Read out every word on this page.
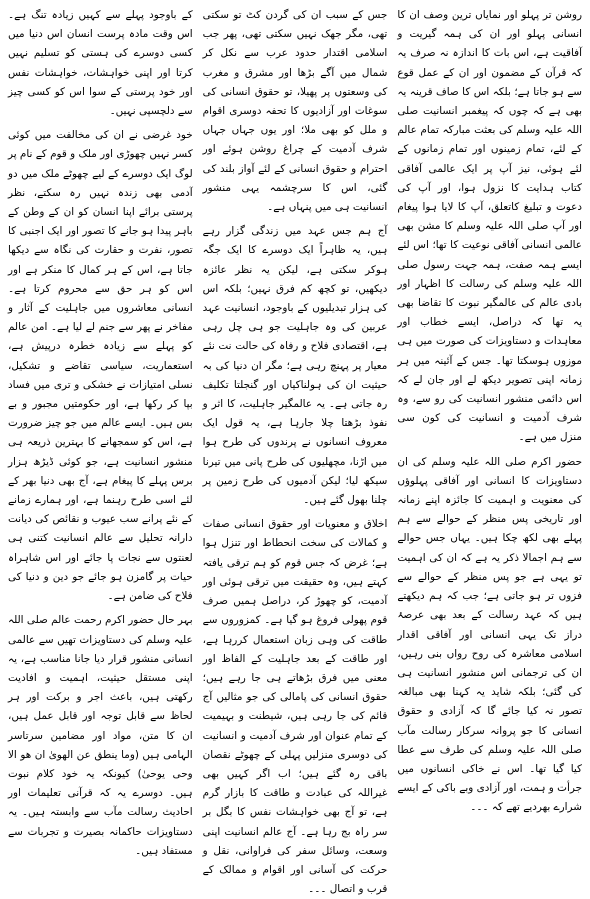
روشن تر پہلو اور نمایاں ترین وصف ان کا انسانی پہلو اور ان کی ہمہ گیریت و آفاقیت ہے، اس بات کا اندازہ نہ صرف یہ کہ قرآن کے مضمون اور ان کے عمل قوع سے ہو جاتا ہے؛ بلکہ اس کا صاف قرینہ یہ بھی ہے کہ چوں کہ پیغمبر انسانیت صلی اللہ علیہ وسلم کی بعثت مبارکہ تمام عالم کے لئے، تمام زمینوں اور تمام زمانوں کے لئے ہوئی، نیز آپ پر ایک عالمی آفاقی کتاب ہدایت کا نزول ہوا، اور آپ کی دعوت و تبلیغ کاتعلق، آپ کا لایا ہوا پیغام اور آپ صلی اللہ علیہ وسلم کا مشن بھی عالمی انسانی آفاقی نوعیت کا تھا؛ اس لئے ایسے ہمہ صفت، ہمہ جہت رسول صلی اللہ علیہ وسلم کی رسالت کا اظہار اور بادی عالم کی عالمگیر نبوت کا تقاضا بھی یہ تھا کہ دراصل، ایسے خطاب اور معاہدات و دستاویزات کی صورت میں ہی موزوں ہوسکتا تھا۔ جس کے آئینہ میں ہر زمانہ اپنی تصویر دیکھ لے اور جان لے کہ اس دائمی منشور انسانیت کی رو سے، وہ شرف آدمیت و انسانیت کی کون سی منزل میں ہے۔

حضور اکرم صلی اللہ علیہ وسلم کی ان دستاویزات کا انسانی اور آفاقی پہلوؤں کی معنویت و اہمیت کا جائزہ اپنے زمانہ اور تاریخی پس منظر کے حوالے سے ہم پہلے بھی لکھ چکا ہیں۔ یہاں جس حوالے سے ہم اجمالا ذکر یہ ہے کہ ان کی اہمیت تو یہی ہے جو پس منظر کے حوالے سے فزوں تر ہو جاتی ہے؛ جب کہ ہم دیکھتے ہیں کہ عہد رسالت کے بعد بھی عرصۂ دراز تک یہی انسانی اور آفاقی اقدار اسلامی معاشرہ کی روح رواں بنی رہیں، ان کی ترجمانی اس منشور انسانیت ہی کی گئی؛ بلکہ شاید یہ کہنا بھی مبالغہ تصور نہ کیا جائے گا کہ آزادی و حقوق انسانی کا جو پروانہ سرکار رسالت مآب صلی اللہ علیہ وسلم کی طرف سے عطا کیا گیا تھا۔ اس نے خاکی انسانوں میں جرأت و ہمت، اور آزادی وبے باکی کے ایسے شرارے بھردیے تھے کہ ۔۔۔

جس کے سبب ان کی گردن کٹ تو سکتی تھی، مگر جھک نہیں سکتی تھی، پھر جب اسلامی اقتدار حدود عرب سے نکل کر شمال میں آگے بڑھا اور مشرق و مغرب کی وسعتوں پر پھیلا، تو حقوق انسانی کی سوغات اور آزادیوں کا تحفہ دوسری اقوام و ملل کو بھی ملا؛ اور یوں جہاں جہاں شرف آدمیت کے چراغ روشن ہوئے اور احترام و حقوق انسانی کے لئے آواز بلند کی گئی، اس کا سرچشمہ یہی منشور انسانیت ہی میں پنہاں ہے۔

آج ہم جس عہد میں زندگی گزار رہے ہیں، یہ ظاہراً ایک دوسرے کا ایک جگہ ہوکر سکتی ہے، لیکن یہ نظر عائزہ دیکھیں، تو کچھ کم فرق نہیں؛ بلکہ اس کی ہزار تبدیلیوں کے باوجود، انسانیت عہد عربین کی وہ جاہلیت جو ہی چل رہی ہے، اقتصادی فلاح و رفاہ کی حالت نت نئے معیار پر پہنچ رہی ہے؛ مگر ان دنیا کی بہ حیثیت ان کی ہولناکیاں اور گنجلتا تکلیف رہ جاتی ہے۔ یہ عالمگیر جاہلیت، کا اثر و نفوذ بڑھتا چلا جارہا ہے، یہ قول ایک معروف انسانوں نے پرندوں کی طرح ہوا میں اڑنا، مچھلیوں کی طرح پانی میں تیرنا سیکھ لیا؛ لیکن آدمیوں کی طرح زمین پر چلنا بھول گئے ہیں۔

اخلاق و معنویات اور حقوق انسانی صفات و کمالات کی سخت انحطاط اور تنزل ہوا ہے؛ غرض کہ جس قوم کو ہم ترقی یافتہ کہتے ہیں، وہ حقیقت میں ترقی ہوئی اور آدمیت، کو چھوڑ کر، دراصل ہمیں صرف قوم پھولی فروغ ہو گیا ہے۔ کمزوروں سے طاقت کی وہی زبان استعمال کررہا ہے، اور طاقت کے بعد جاہلیت کے الفاظ اور معنی میں فرق بڑھاتے ہی جا رہے ہیں؛ حقوق انسانی کی پامالی کی جو مثالیں آج قائم کی جا رہی ہیں، شیطنت و بہیمیت کے تمام عنوان اور شرف آدمیت و انسانیت کی دوسری منزلیں پہلی کے چھوٹے نقصان باقی رہ گئے ہیں؛ اب اگر کہیں بھی غیراللہ کی عبادت و طاقت کا بازار گرم ہے، تو آج بھی خواہشات نفس کا بگل بر سر راہ بج رہا ہے۔ آج عالم انسانیت اپنی وسعت، وسائل سفر کی فراوانی، نقل و حرکت کی آسانی اور اقوام و ممالک کے قرب و اتصال ۔۔۔

کے باوجود پہلے سے کہیں زیادہ تنگ ہے۔ اس وقت مادہ پرست انسان اس دنیا میں کسی دوسرے کی ہستی کو تسلیم نہیں کرتا اور اپنی خواہشات، خواہشات نفس اور خود پرستی کے سوا اس کو کسی چیز سے دلچسپی نہیں۔

خود غرضی نے ان کی مخالفت میں کوئی کسر نہیں چھوڑی اور ملک و قوم کے نام پر لوگ ایک دوسرے کے لیے چھوٹے ملک میں دو آدمی بھی زندہ نہیں رہ سکتے، نظر پرستی برائے اپنا انسان کو ان کے وطن کے باہر پیدا ہو جانے کا تصور اور ایک اجنبی کا تصور، نفرت و حقارت کی نگاہ سے دیکھا جاتا ہے، اس کے ہر کمال کا منکر ہے اور اس کو ہر حق سے محروم کرتا ہے۔ انسانی معاشروں میں جاہلیت کے آثار و مفاخر نے پھر سے جنم لے لیا ہے۔ امن عالم کو پہلے سے زیادہ خطرہ درپیش ہے، استعماریت، سیاسی تقاضے و تشکیل، نسلی امتیازات نے خشکی و تری میں فساد بپا کر رکھا ہے، اور حکومتیں مجبور و بے بس ہیں۔ ایسے عالم میں جو چیز ضرورت ہے، اس کو سمجھانے کا بہترین ذریعہ ہی منشور انسانیت ہے، جو کوئی ڈیڑھ ہزار برس پہلے کا پیغام ہے، آج بھی دنیا بھر کے لئے اسی طرح رہنما ہے، اور ہمارے زمانے کے نئے پرانے سب عیوب و نقائص کی دیانت دارانہ تحلیل سے عالم انسانیت کتنی ہی لعنتوں سے نجات پا جائے اور اس شاہراہ حیات پر گامزن ہو جائے جو دین و دنیا کی فلاح کی ضامن ہے۔

بہر حال حضور اکرم رحمت عالم صلی اللہ علیہ وسلم کی دستاویزات تھیں سے عالمی انسانی منشور قرار دیا جانا مناسب ہے، یہ اپنی مستقل حیثیت، اہمیت و افادیت رکھتی ہیں، باعث اجر و برکت اور ہر لحاظ سے قابل توجہ اور قابل عمل ہیں، ان کا متن، مواد اور مضامین سرتاسر الہامی ہیں (وما ینطق عن الھویٰ ان ھو الا وحی یوحیٰ) کیونکہ یہ خود کلام نبوت ہیں۔ دوسرے یہ کہ قرآنی تعلیمات اور احادیث رسالت مآب سے وابستہ ہیں۔ یہ دستاویزات حاکمانہ بصیرت و تجربات سے مستفاد ہیں۔
